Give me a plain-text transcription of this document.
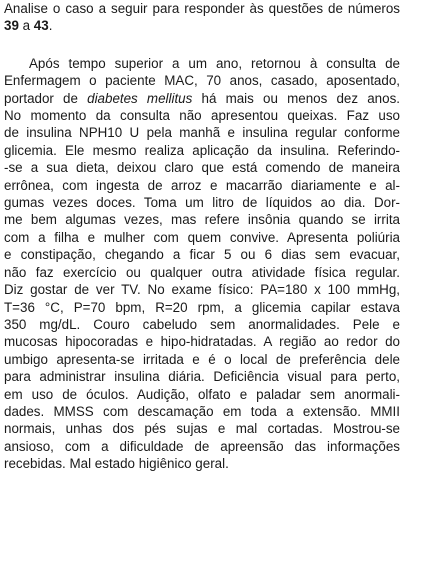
Analise o caso a seguir para responder às questões de números 39 a 43.

Após tempo superior a um ano, retornou à consulta de
Enfermagem o paciente MAC, 70 anos, casado, aposentado,
portador de diabetes mellitus há mais ou menos dez anos.
No momento da consulta não apresentou queixas. Faz uso
de insulina NPH10 U pela manhã e insulina regular conforme
glicemia. Ele mesmo realiza aplicação da insulina. Referindo-
-se a sua dieta, deixou claro que está comendo de maneira
errônea, com ingesta de arroz e macarrão diariamente e al-
gumas vezes doces. Toma um litro de líquidos ao dia. Dor-
me bem algumas vezes, mas refere insônia quando se irrita
com a filha e mulher com quem convive. Apresenta poliúria
e constipação, chegando a ficar 5 ou 6 dias sem evacuar,
não faz exercício ou qualquer outra atividade física regular.
Diz gostar de ver TV. No exame físico: PA=180 x 100 mmHg,
T=36 °C, P=70 bpm, R=20 rpm, a glicemia capilar estava
350 mg/dL. Couro cabeludo sem anormalidades. Pele e
mucosas hipocoradas e hipo-hidratadas. A região ao redor do
umbigo apresenta-se irritada e é o local de preferência dele
para administrar insulina diária. Deficiência visual para perto,
em uso de óculos. Audição, olfato e paladar sem anormali-
dades. MMSS com descamação em toda a extensão. MMII
normais, unhas dos pés sujas e mal cortadas. Mostrou-se
ansioso, com a dificuldade de apreensão das informações
recebidas. Mal estado higiênico geral.
